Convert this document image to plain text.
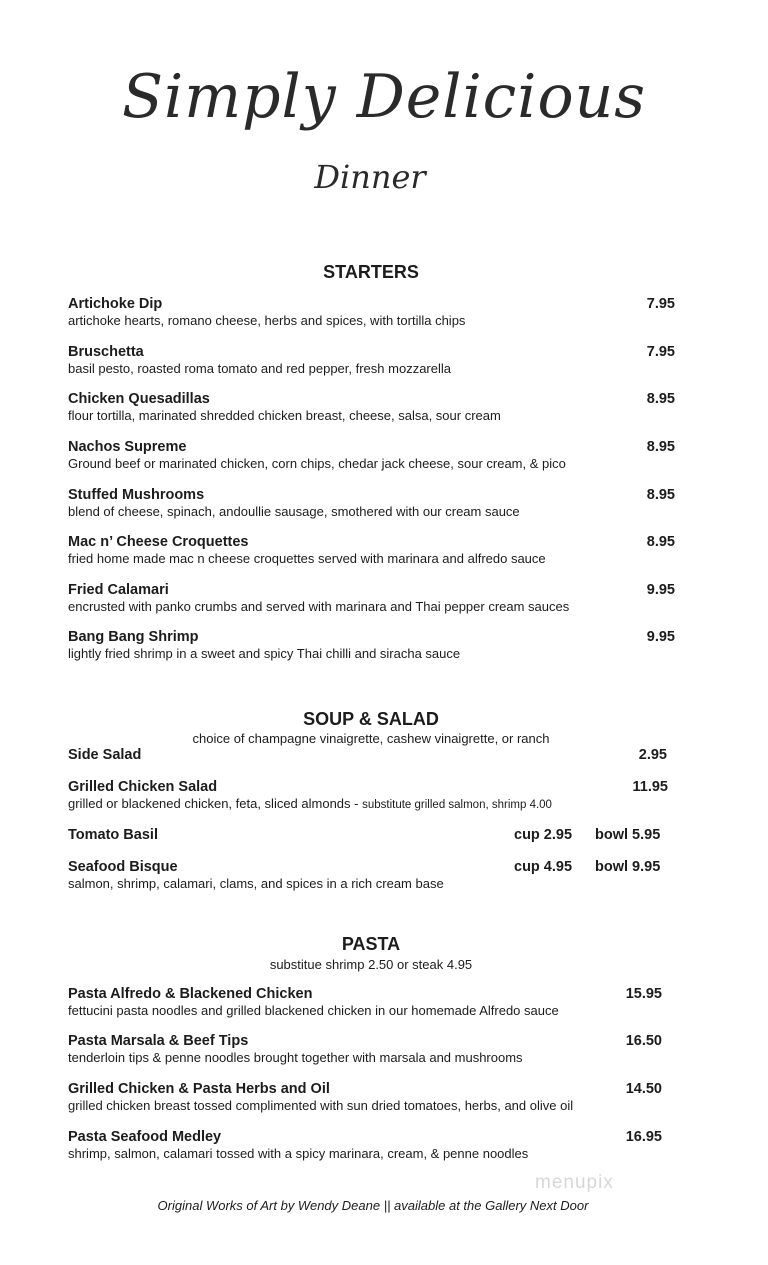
Simply Delicious
Dinner
STARTERS
Artichoke Dip
artichoke hearts, romano cheese, herbs and spices, with tortilla chips
7.95
Bruschetta
basil pesto, roasted roma tomato and red pepper, fresh mozzarella
7.95
Chicken Quesadillas
flour tortilla, marinated shredded chicken breast, cheese, salsa, sour cream
8.95
Nachos Supreme
Ground beef or marinated chicken, corn chips, chedar jack cheese, sour cream, & pico
8.95
Stuffed Mushrooms
blend of cheese, spinach, andoullie sausage, smothered with our cream sauce
8.95
Mac n’ Cheese Croquettes
fried home made mac n cheese croquettes served with marinara and alfredo sauce
8.95
Fried Calamari
encrusted with panko crumbs and served with marinara and Thai pepper cream sauces
9.95
Bang Bang Shrimp
lightly fried shrimp in a sweet and spicy Thai chilli and siracha sauce
9.95
SOUP & SALAD
choice of champagne vinaigrette, cashew vinaigrette, or ranch
Side Salad	2.95
Grilled Chicken Salad
grilled or blackened chicken, feta, sliced almonds - substitute grilled salmon, shrimp 4.00
11.95
Tomato Basil	cup 2.95 bowl 5.95
Seafood Bisque
salmon, shrimp, calamari, clams, and spices in a rich cream base
cup 4.95 bowl 9.95
PASTA
substitue shrimp 2.50 or steak 4.95
Pasta Alfredo & Blackened Chicken
fettucini pasta noodles and grilled blackened chicken in our homemade Alfredo sauce
15.95
Pasta Marsala & Beef Tips
tenderloin tips & penne noodles brought together with marsala and mushrooms
16.50
Grilled Chicken & Pasta Herbs and Oil
grilled chicken breast tossed complimented with sun dried tomatoes, herbs, and olive oil
14.50
Pasta Seafood Medley
shrimp, salmon, calamari tossed with a spicy marinara, cream, & penne noodles
16.95
menupix
Original Works of Art by Wendy Deane || available at the Gallery Next Door
